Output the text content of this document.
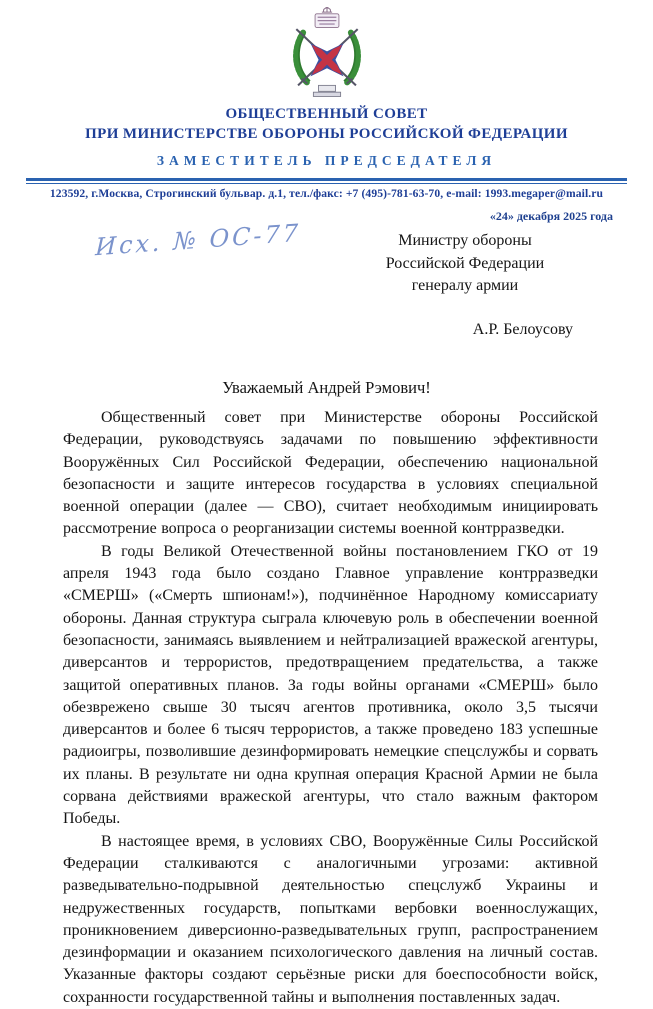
ОБЩЕСТВЕННЫЙ СОВЕТ
ПРИ МИНИСТЕРСТВЕ ОБОРОНЫ РОССИЙСКОЙ ФЕДЕРАЦИИ
ЗАМЕСТИТЕЛЬ ПРЕДСЕДАТЕЛЯ
123592, г.Москва, Строгинский бульвар. д.1, тел./факс: +7 (495)-781-63-70, e-mail: 1993.megaper@mail.ru
«24» декабря 2025 года
Исх. № ОС-77	Министру обороны
Российской Федерации
генералу армии
А.Р. Белоусову
Уважаемый Андрей Рэмович!

Общественный совет при Министерстве обороны Российской Федерации, руководствуясь задачами по повышению эффективности Вооружённых Сил Российской Федерации, обеспечению национальной безопасности и защите интересов государства в условиях специальной военной операции (далее — СВО), считает необходимым инициировать рассмотрение вопроса о реорганизации системы военной контрразведки.

В годы Великой Отечественной войны постановлением ГКО от 19 апреля 1943 года было создано Главное управление контрразведки «СМЕРШ» («Смерть шпионам!»), подчинённое Народному комиссариату обороны. Данная структура сыграла ключевую роль в обеспечении военной безопасности, занимаясь выявлением и нейтрализацией вражеской агентуры, диверсантов и террористов, предотвращением предательства, а также защитой оперативных планов. За годы войны органами «СМЕРШ» было обезврежено свыше 30 тысяч агентов противника, около 3,5 тысячи диверсантов и более 6 тысяч террористов, а также проведено 183 успешные радиоигры, позволившие дезинформировать немецкие спецслужбы и сорвать их планы. В результате ни одна крупная операция Красной Армии не была сорвана действиями вражеской агентуры, что стало важным фактором Победы.

В настоящее время, в условиях СВО, Вооружённые Силы Российской Федерации сталкиваются с аналогичными угрозами: активной разведывательно-подрывной деятельностью спецслужб Украины и недружественных государств, попытками вербовки военнослужащих, проникновением диверсионно-разведывательных групп, распространением дезинформации и оказанием психологического давления на личный состав. Указанные факторы создают серьёзные риски для боеспособности войск, сохранности государственной тайны и выполнения поставленных задач.
